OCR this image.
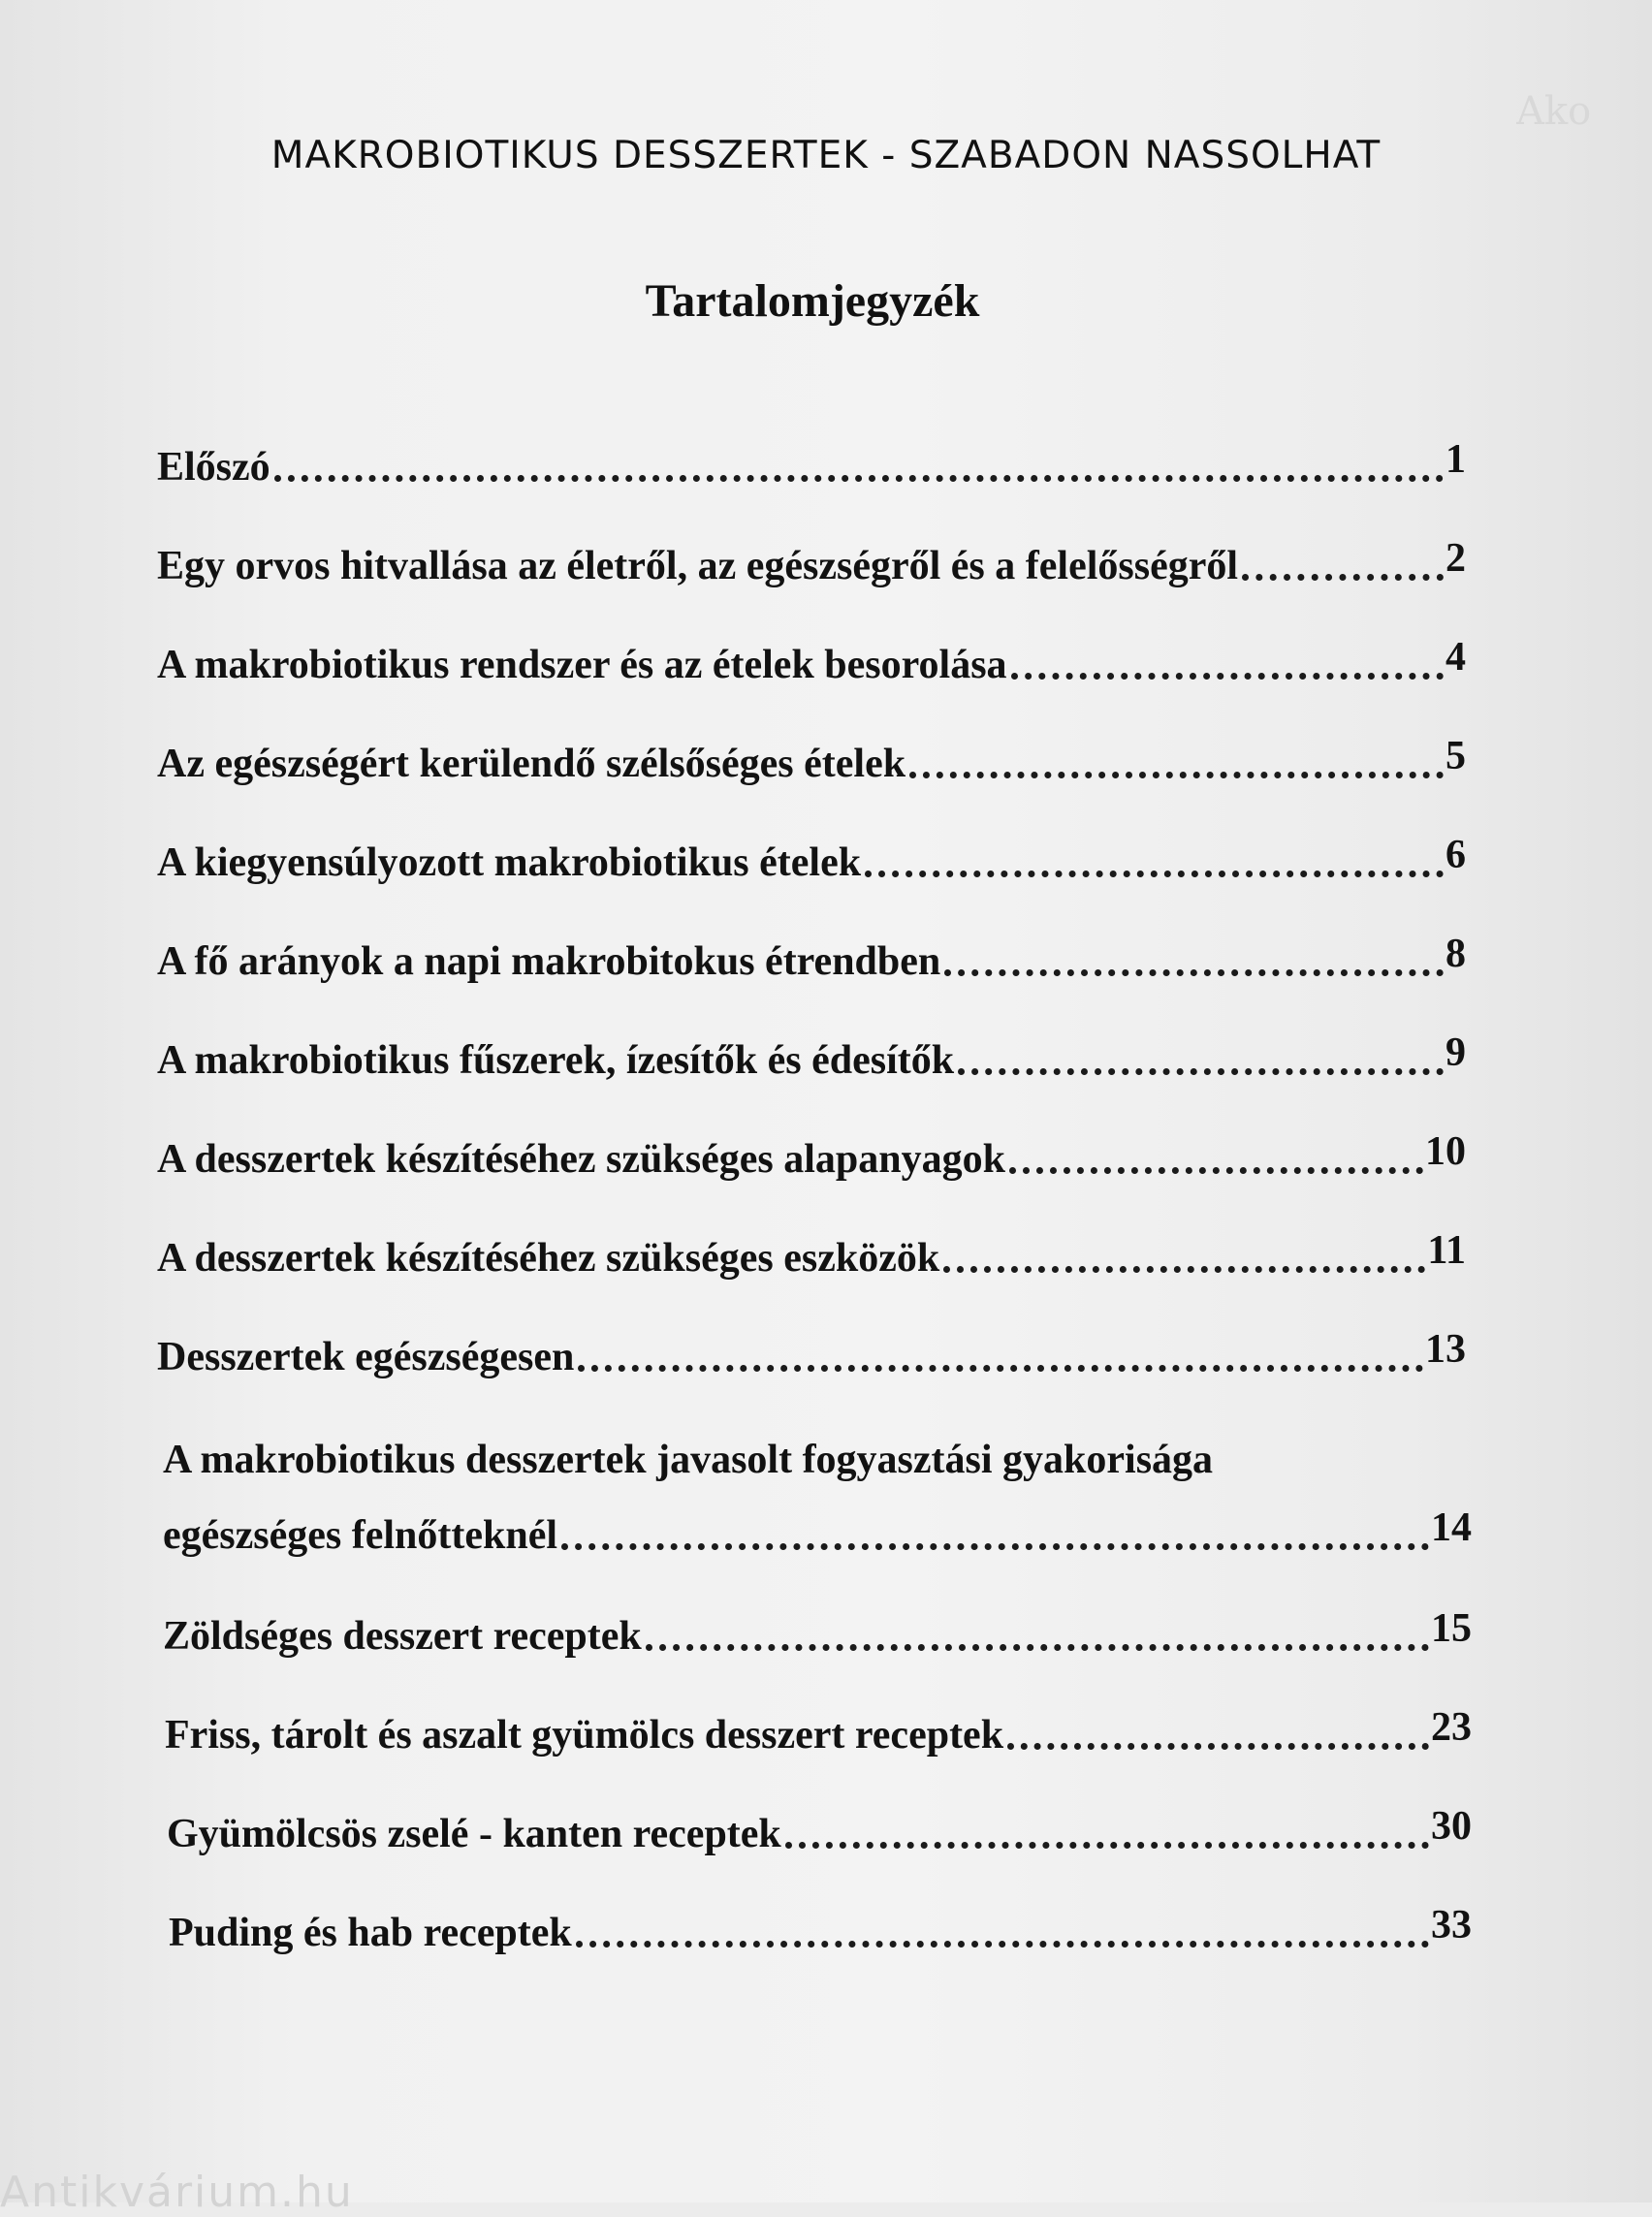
Ako
MAKROBIOTIKUS DESSZERTEK - SZABADON NASSOLHAT
Tartalomjegyzék
Előszó	1
Egy orvos hitvallása az életről, az egészségről és a felelősségről	2
A makrobiotikus rendszer és az ételek besorolása	4
Az egészségért kerülendő szélsőséges ételek	5
A kiegyensúlyozott makrobiotikus ételek	6
A fő arányok a napi makrobitokus étrendben	8
A makrobiotikus fűszerek, ízesítők és édesítők	9
A desszertek készítéséhez szükséges alapanyagok	10
A desszertek készítéséhez szükséges eszközök	11
Desszertek egészségesen	13
A makrobiotikus desszertek javasolt fogyasztási gyakorisága
egészséges felnőtteknél	14
Zöldséges desszert receptek	15
Friss, tárolt és aszalt gyümölcs desszert receptek	23
Gyümölcsös zselé - kanten receptek	30
Puding és hab receptek	33
Antikvárium.hu
